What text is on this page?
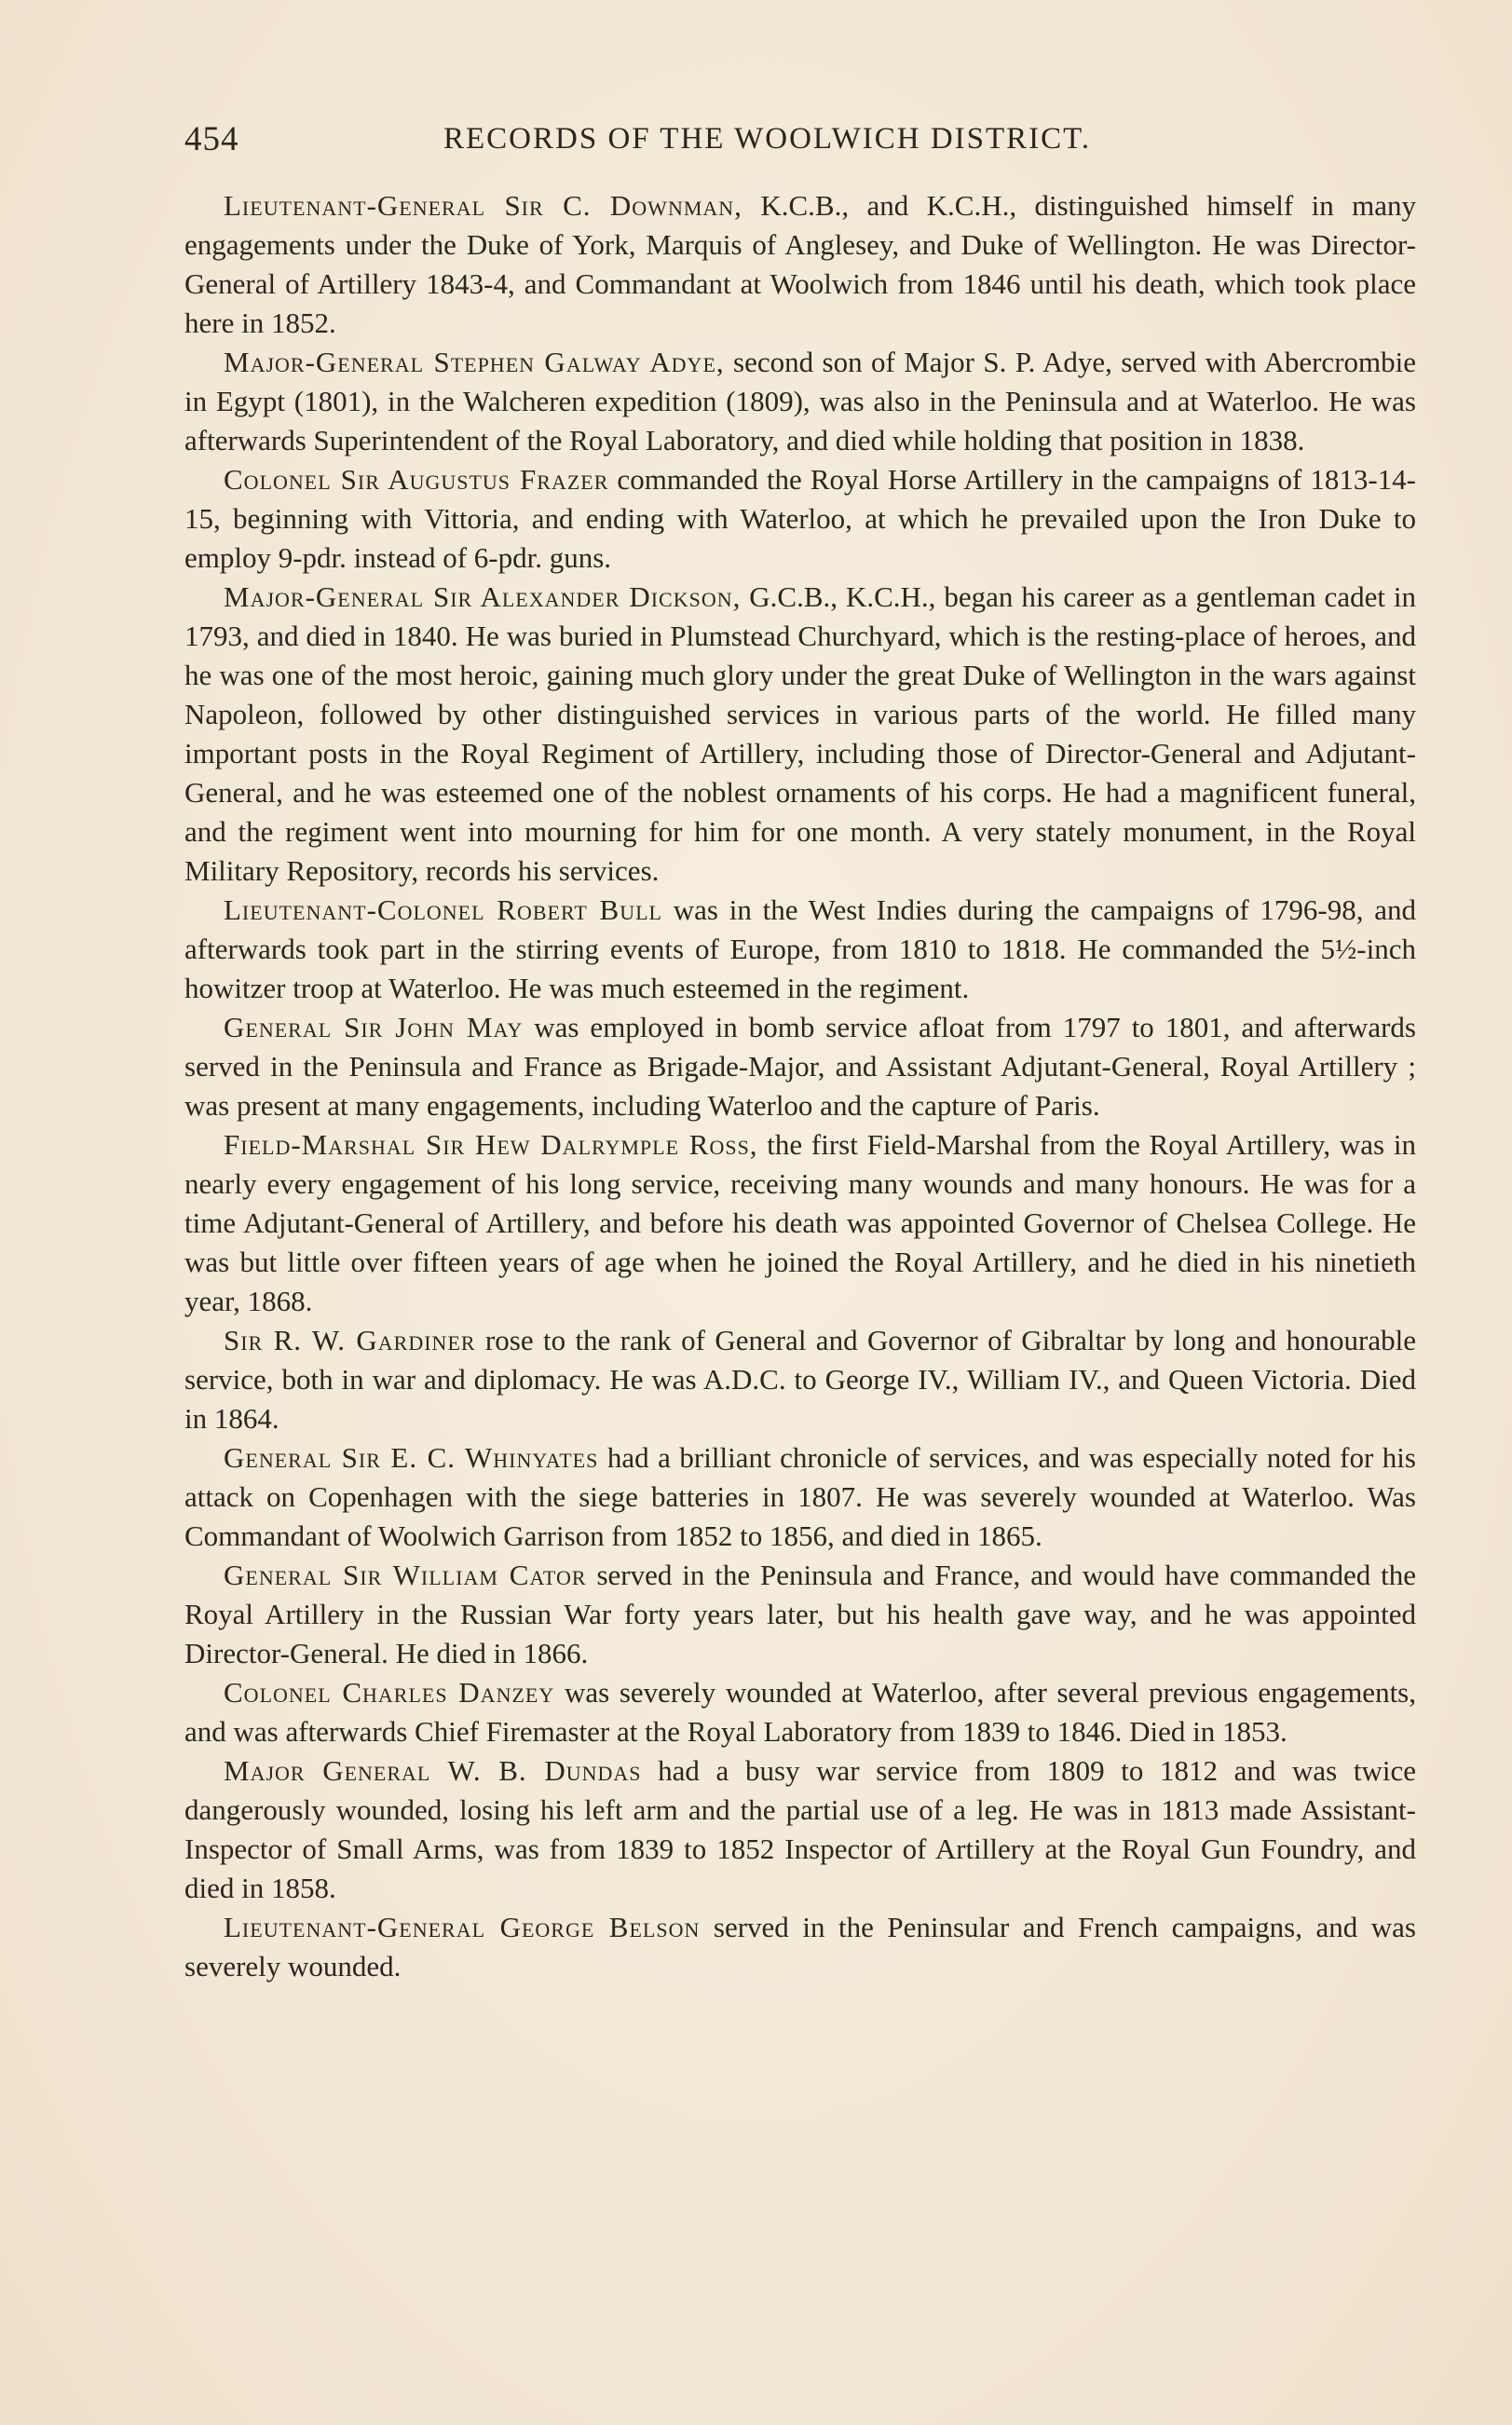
454	RECORDS OF THE WOOLWICH DISTRICT.

Lieutenant-General Sir C. Downman, K.C.B., and K.C.H., distinguished himself in many engagements under the Duke of York, Marquis of Anglesey, and Duke of Wellington. He was Director-General of Artillery 1843-4, and Commandant at Woolwich from 1846 until his death, which took place here in 1852.

Major-General Stephen Galway Adye, second son of Major S. P. Adye, served with Abercrombie in Egypt (1801), in the Walcheren expedition (1809), was also in the Peninsula and at Waterloo. He was afterwards Superintendent of the Royal Laboratory, and died while holding that position in 1838.

Colonel Sir Augustus Frazer commanded the Royal Horse Artillery in the campaigns of 1813-14-15, beginning with Vittoria, and ending with Waterloo, at which he prevailed upon the Iron Duke to employ 9-pdr. instead of 6-pdr. guns.

Major-General Sir Alexander Dickson, G.C.B., K.C.H., began his career as a gentleman cadet in 1793, and died in 1840. He was buried in Plumstead Churchyard, which is the resting-place of heroes, and he was one of the most heroic, gaining much glory under the great Duke of Wellington in the wars against Napoleon, followed by other distinguished services in various parts of the world. He filled many important posts in the Royal Regiment of Artillery, including those of Director-General and Adjutant-General, and he was esteemed one of the noblest ornaments of his corps. He had a magnificent funeral, and the regiment went into mourning for him for one month. A very stately monument, in the Royal Military Repository, records his services.

Lieutenant-Colonel Robert Bull was in the West Indies during the campaigns of 1796-98, and afterwards took part in the stirring events of Europe, from 1810 to 1818. He commanded the 5½-inch howitzer troop at Waterloo. He was much esteemed in the regiment.

General Sir John May was employed in bomb service afloat from 1797 to 1801, and afterwards served in the Peninsula and France as Brigade-Major, and Assistant Adjutant-General, Royal Artillery ; was present at many engagements, including Waterloo and the capture of Paris.

Field-Marshal Sir Hew Dalrymple Ross, the first Field-Marshal from the Royal Artillery, was in nearly every engagement of his long service, receiving many wounds and many honours. He was for a time Adjutant-General of Artillery, and before his death was appointed Governor of Chelsea College. He was but little over fifteen years of age when he joined the Royal Artillery, and he died in his ninetieth year, 1868.

Sir R. W. Gardiner rose to the rank of General and Governor of Gibraltar by long and honourable service, both in war and diplomacy. He was A.D.C. to George IV., William IV., and Queen Victoria. Died in 1864.

General Sir E. C. Whinyates had a brilliant chronicle of services, and was especially noted for his attack on Copenhagen with the siege batteries in 1807. He was severely wounded at Waterloo. Was Commandant of Woolwich Garrison from 1852 to 1856, and died in 1865.

General Sir William Cator served in the Peninsula and France, and would have commanded the Royal Artillery in the Russian War forty years later, but his health gave way, and he was appointed Director-General. He died in 1866.

Colonel Charles Danzey was severely wounded at Waterloo, after several previous engagements, and was afterwards Chief Firemaster at the Royal Laboratory from 1839 to 1846. Died in 1853.

Major General W. B. Dundas had a busy war service from 1809 to 1812 and was twice dangerously wounded, losing his left arm and the partial use of a leg. He was in 1813 made Assistant-Inspector of Small Arms, was from 1839 to 1852 Inspector of Artillery at the Royal Gun Foundry, and died in 1858.

Lieutenant-General George Belson served in the Peninsular and French campaigns, and was severely wounded.
